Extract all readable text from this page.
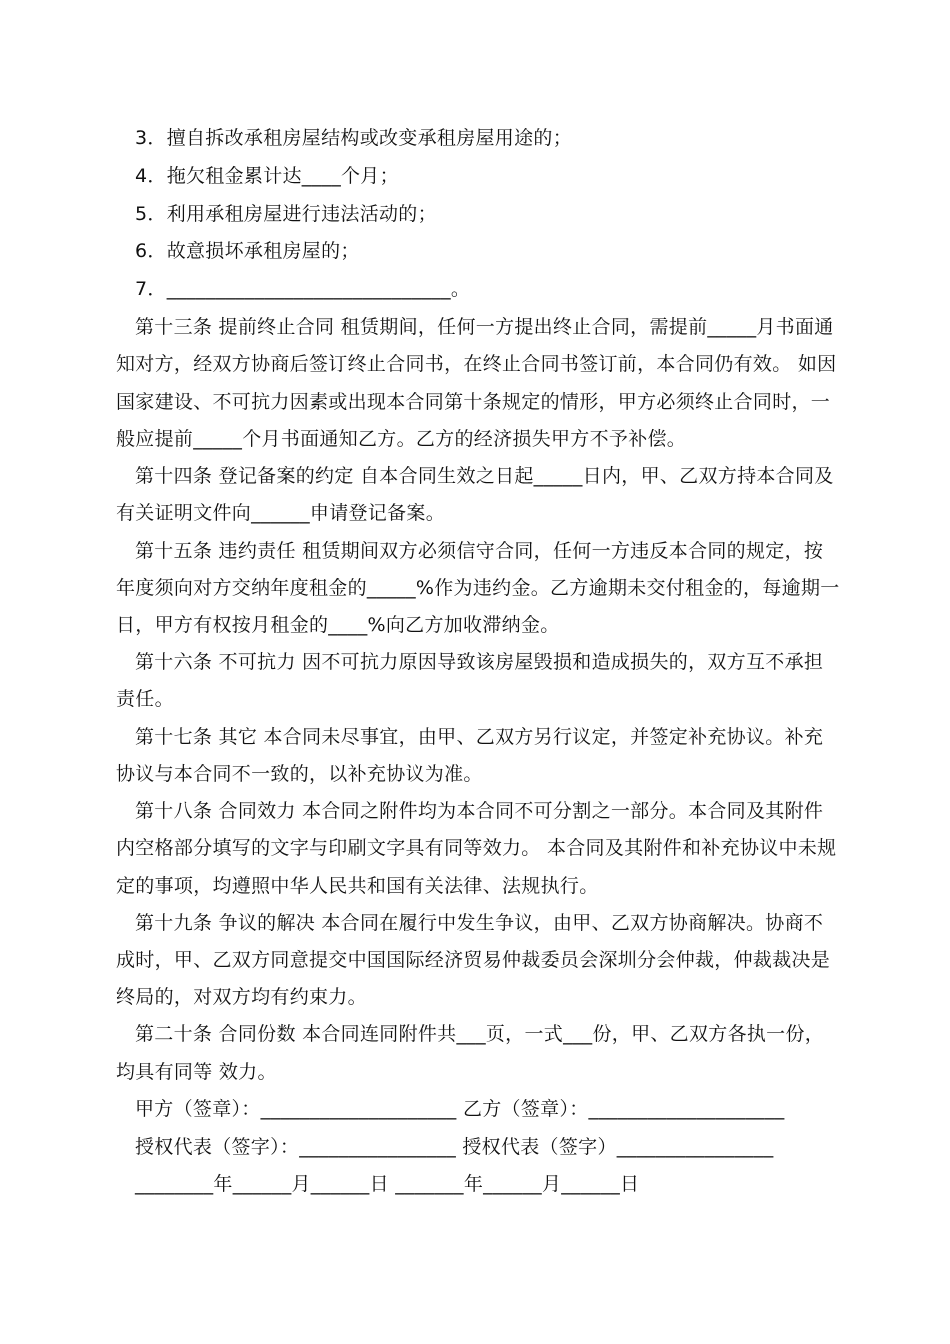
3．擅自拆改承租房屋结构或改变承租房屋用途的；
4．拖欠租金累计达____个月；
5．利用承租房屋进行违法活动的；
6．故意损坏承租房屋的；
7．_____________________________。
第十三条 提前终止合同 租赁期间，任何一方提出终止合同，需提前_____月书面通
知对方，经双方协商后签订终止合同书，在终止合同书签订前，本合同仍有效。 如因
国家建设、不可抗力因素或出现本合同第十条规定的情形，甲方必须终止合同时，一
般应提前_____个月书面通知乙方。乙方的经济损失甲方不予补偿。
第十四条 登记备案的约定 自本合同生效之日起_____日内，甲、乙双方持本合同及
有关证明文件向______申请登记备案。
第十五条 违约责任 租赁期间双方必须信守合同，任何一方违反本合同的规定，按
年度须向对方交纳年度租金的_____%作为违约金。乙方逾期未交付租金的，每逾期一
日，甲方有权按月租金的____%向乙方加收滞纳金。
第十六条 不可抗力 因不可抗力原因导致该房屋毁损和造成损失的，双方互不承担
责任。
第十七条 其它 本合同未尽事宜，由甲、乙双方另行议定，并签定补充协议。补充
协议与本合同不一致的，以补充协议为准。
第十八条 合同效力 本合同之附件均为本合同不可分割之一部分。本合同及其附件
内空格部分填写的文字与印刷文字具有同等效力。 本合同及其附件和补充协议中未规
定的事项，均遵照中华人民共和国有关法律、法规执行。
第十九条 争议的解决 本合同在履行中发生争议，由甲、乙双方协商解决。协商不
成时，甲、乙双方同意提交中国国际经济贸易仲裁委员会深圳分会仲裁，仲裁裁决是
终局的，对双方均有约束力。
第二十条 合同份数 本合同连同附件共___页，一式___份，甲、乙双方各执一份，
均具有同等 效力。
甲方（签章）：____________________ 乙方（签章）：____________________
授权代表（签字）：________________ 授权代表（签字）________________
________年______月______日 _______年______月______日
